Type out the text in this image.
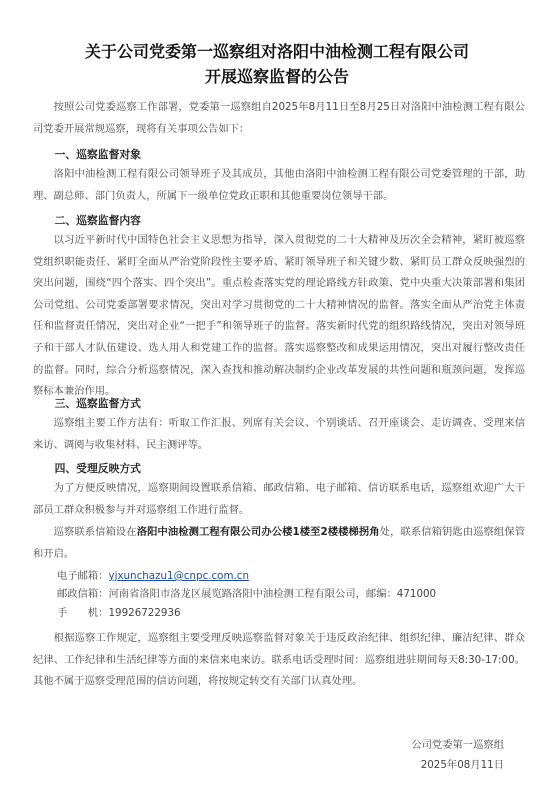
关于公司党委第一巡察组对洛阳中油检测工程有限公司
开展巡察监督的公告

按照公司党委巡察工作部署，党委第一巡察组自2025年8月11日至8月25日对洛阳中油检测工程有限公司党委开展常规巡察，现将有关事项公告如下：

一、巡察监督对象

洛阳中油检测工程有限公司领导班子及其成员，其他由洛阳中油检测工程有限公司党委管理的干部，助理、副总师、部门负责人，所属下一级单位党政正职和其他重要岗位领导干部。

二、巡察监督内容

以习近平新时代中国特色社会主义思想为指导，深入贯彻党的二十大精神及历次全会精神，紧盯被巡察党组织职能责任、紧盯全面从严治党阶段性主要矛盾、紧盯领导班子和关键少数、紧盯员工群众反映强烈的突出问题，围绕“四个落实、四个突出”。重点检查落实党的理论路线方针政策、党中央重大决策部署和集团公司党组、公司党委部署要求情况，突出对学习贯彻党的二十大精神情况的监督。落实全面从严治党主体责任和监督责任情况，突出对企业“一把手”和领导班子的监督。落实新时代党的组织路线情况，突出对领导班子和干部人才队伍建设、选人用人和党建工作的监督。落实巡察整改和成果运用情况，突出对履行整改责任的监督。同时，综合分析巡察情况，深入查找和推动解决制约企业改革发展的共性问题和瓶颈问题，发挥巡察标本兼治作用。

三、巡察监督方式

巡察组主要工作方法有：听取工作汇报、列席有关会议、个别谈话、召开座谈会、走访调查、受理来信来访、调阅与收集材料、民主测评等。

四、受理反映方式

为了方便反映情况，巡察期间设置联系信箱、邮政信箱、电子邮箱、信访联系电话，巡察组欢迎广大干部员工群众积极参与并对巡察组工作进行监督。

巡察联系信箱设在洛阳中油检测工程有限公司办公楼1楼至2楼楼梯拐角处，联系信箱钥匙由巡察组保管和开启。

电子邮箱：yjxunchazu1@cnpc.com.cn
邮政信箱：河南省洛阳市洛龙区展览路洛阳中油检测工程有限公司，邮编：471000
手　　机：19926722936

根据巡察工作规定，巡察组主要受理反映巡察监督对象关于违反政治纪律、组织纪律、廉洁纪律、群众纪律、工作纪律和生活纪律等方面的来信来电来访。联系电话受理时间：巡察组进驻期间每天8:30-17:00。其他不属于巡察受理范围的信访问题，将按规定转交有关部门认真处理。

公司党委第一巡察组
2025年08月11日
